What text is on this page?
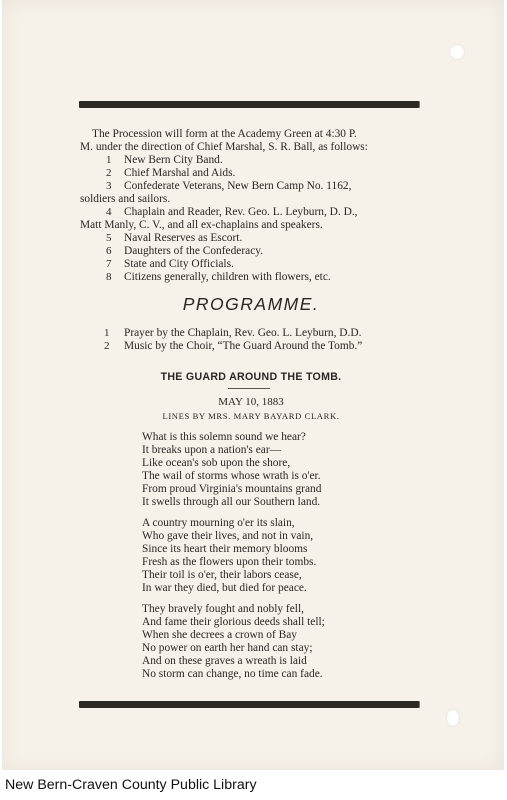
The Procession will form at the Academy Green at 4:30 P.
M. under the direction of Chief Marshal, S. R. Ball, as follows:
1 New Bern City Band.
2 Chief Marshal and Aids.
3 Confederate Veterans, New Bern Camp No. 1162,
soldiers and sailors.
4 Chaplain and Reader, Rev. Geo. L. Leyburn, D. D.,
Matt Manly, C. V., and all ex-chaplains and speakers.
5 Naval Reserves as Escort.
6 Daughters of the Confederacy.
7 State and City Officials.
8 Citizens generally, children with flowers, etc.
PROGRAMME.
1 Prayer by the Chaplain, Rev. Geo. L. Leyburn, D.D.
2 Music by the Choir, “The Guard Around the Tomb.”
THE GUARD AROUND THE TOMB.
MAY 10, 1883
LINES BY MRS. MARY BAYARD CLARK.
What is this solemn sound we hear?
It breaks upon a nation's ear—
Like ocean's sob upon the shore,
The wail of storms whose wrath is o'er.
From proud Virginia's mountains grand
It swells through all our Southern land.
A country mourning o'er its slain,
Who gave their lives, and not in vain,
Since its heart their memory blooms
Fresh as the flowers upon their tombs.
Their toil is o'er, their labors cease,
In war they died, but died for peace.
They bravely fought and nobly fell,
And fame their glorious deeds shall tell;
When she decrees a crown of Bay
No power on earth her hand can stay;
And on these graves a wreath is laid
No storm can change, no time can fade.
New Bern-Craven County Public Library
